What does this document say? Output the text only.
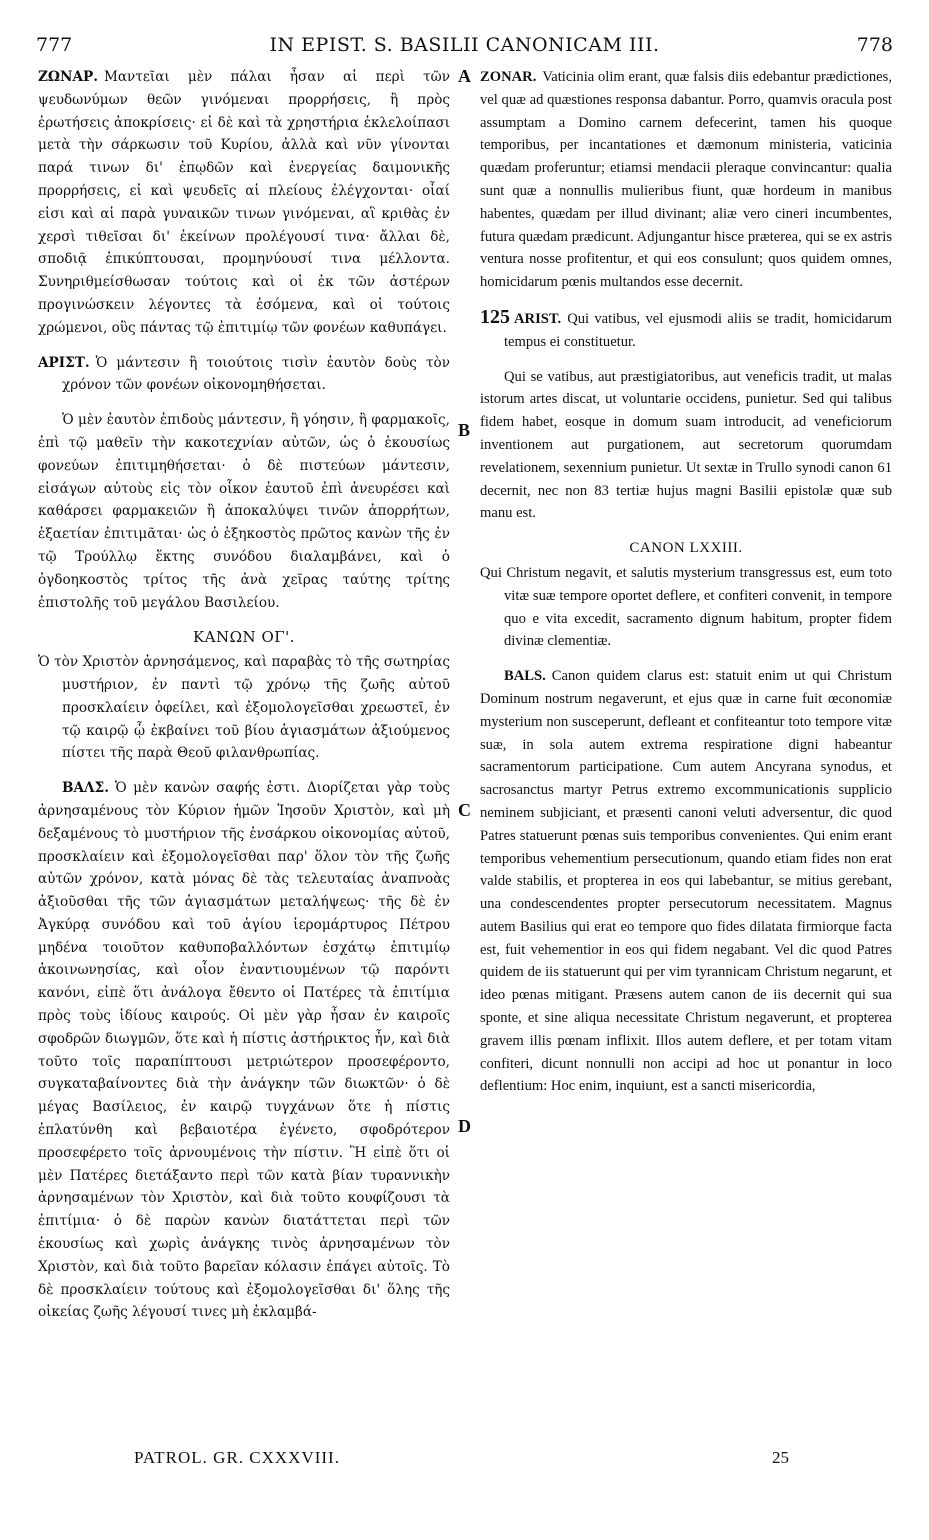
777	IN EPIST. S. BASILII CANONICAM III.	778
A
B
C
D

ΖΩΝΑΡ. Μαντεῖαι μὲν πάλαι ἦσαν αἱ περὶ τῶν ψευδωνύμων θεῶν γινόμεναι προρρήσεις, ἢ πρὸς ἐρωτήσεις ἀποκρίσεις· εἰ δὲ καὶ τὰ χρηστήρια ἐκλελοίπασι μετὰ τὴν σάρκωσιν τοῦ Κυρίου, ἀλλὰ καὶ νῦν γίνονται παρά τινων δι' ἐπῳδῶν καὶ ἐνεργείας δαιμονικῆς προρρήσεις, εἰ καὶ ψευδεῖς αἱ πλείους ἐλέγχονται· οἷαί εἰσι καὶ αἱ παρὰ γυναικῶν τινων γινόμεναι, αἳ κριθὰς ἐν χερσὶ τιθεῖσαι δι' ἐκείνων προλέγουσί τινα· ἄλλαι δὲ, σποδιᾷ ἐπικύπτουσαι, προμηνύουσί τινα μέλλοντα. Συνηριθμείσθωσαν τούτοις καὶ οἱ ἐκ τῶν ἀστέρων προγινώσκειν λέγοντες τὰ ἐσόμενα, καὶ οἱ τούτοις χρώμενοι, οὓς πάντας τῷ ἐπιτιμίῳ τῶν φονέων καθυπάγει.

ΑΡΙΣΤ. Ὁ μάντεσιν ἢ τοιούτοις τισὶν ἑαυτὸν δοὺς τὸν χρόνον τῶν φονέων οἰκονομηθήσεται.

Ὁ μὲν ἑαυτὸν ἐπιδοὺς μάντεσιν, ἢ γόησιν, ἢ φαρμακοῖς, ἐπὶ τῷ μαθεῖν τὴν κακοτεχνίαν αὐτῶν, ὡς ὁ ἑκουσίως φονεύων ἐπιτιμηθήσεται· ὁ δὲ πιστεύων μάντεσιν, εἰσάγων αὐτοὺς εἰς τὸν οἶκον ἑαυτοῦ ἐπὶ ἀνευρέσει καὶ καθάρσει φαρμακειῶν ἢ ἀποκαλύψει τινῶν ἀπορρήτων, ἑξαετίαν ἐπιτιμᾶται· ὡς ὁ ἑξηκοστὸς πρῶτος κανὼν τῆς ἐν τῷ Τρούλλῳ ἕκτης συνόδου διαλαμβάνει, καὶ ὁ ὀγδοηκοστὸς τρίτος τῆς ἀνὰ χεῖρας ταύτης τρίτης ἐπιστολῆς τοῦ μεγάλου Βασιλείου.

ΚΑΝΩΝ ΟΓ'.

Ὁ τὸν Χριστὸν ἀρνησάμενος, καὶ παραβὰς τὸ τῆς σωτηρίας μυστήριον, ἐν παντὶ τῷ χρόνῳ τῆς ζωῆς αὐτοῦ προσκλαίειν ὀφείλει, καὶ ἐξομολογεῖσθαι χρεωστεῖ, ἐν τῷ καιρῷ ᾧ ἐκβαίνει τοῦ βίου ἁγιασμάτων ἀξιούμενος πίστει τῆς παρὰ Θεοῦ φιλανθρωπίας.

ΒΑΛΣ. Ὁ μὲν κανὼν σαφής ἐστι. Διορίζεται γὰρ τοὺς ἀρνησαμένους τὸν Κύριον ἡμῶν Ἰησοῦν Χριστὸν, καὶ μὴ δεξαμένους τὸ μυστήριον τῆς ἐνσάρκου οἰκονομίας αὐτοῦ, προσκλαίειν καὶ ἐξομολογεῖσθαι παρ' ὅλον τὸν τῆς ζωῆς αὐτῶν χρόνον, κατὰ μόνας δὲ τὰς τελευταίας ἀναπνοὰς ἀξιοῦσθαι τῆς τῶν ἁγιασμάτων μεταλήψεως· τῆς δὲ ἐν Ἀγκύρᾳ συνόδου καὶ τοῦ ἁγίου ἱερομάρτυρος Πέτρου μηδένα τοιοῦτον καθυποβαλλόντων ἐσχάτῳ ἐπιτιμίῳ ἀκοινωνησίας, καὶ οἷον ἐναντιουμένων τῷ παρόντι κανόνι, εἰπὲ ὅτι ἀνάλογα ἔθεντο οἱ Πατέρες τὰ ἐπιτίμια πρὸς τοὺς ἰδίους καιρούς. Οἱ μὲν γὰρ ἦσαν ἐν καιροῖς σφοδρῶν διωγμῶν, ὅτε καὶ ἡ πίστις ἀστήρικτος ἦν, καὶ διὰ τοῦτο τοῖς παραπίπτουσι μετριώτερον προσεφέροντο, συγκαταβαίνοντες διὰ τὴν ἀνάγκην τῶν διωκτῶν· ὁ δὲ μέγας Βασίλειος, ἐν καιρῷ τυγχάνων ὅτε ἡ πίστις ἐπλατύνθη καὶ βεβαιοτέρα ἐγένετο, σφοδρότερον προσεφέρετο τοῖς ἀρνουμένοις τὴν πίστιν. Ἢ εἰπὲ ὅτι οἱ μὲν Πατέρες διετάξαντο περὶ τῶν κατὰ βίαν τυραννικὴν ἀρνησαμένων τὸν Χριστὸν, καὶ διὰ τοῦτο κουφίζουσι τὰ ἐπιτίμια· ὁ δὲ παρὼν κανὼν διατάττεται περὶ τῶν ἑκουσίως καὶ χωρὶς ἀνάγκης τινὸς ἀρνησαμένων τὸν Χριστὸν, καὶ διὰ τοῦτο βαρεῖαν κόλασιν ἐπάγει αὐτοῖς. Τὸ δὲ προσκλαίειν τούτους καὶ ἐξομολογεῖσθαι δι' ὅλης τῆς οἰκείας ζωῆς λέγουσί τινες μὴ ἐκλαμβά-

ZONAR. Vaticinia olim erant, quæ falsis diis edebantur prædictiones, vel quæ ad quæstiones responsa dabantur. Porro, quamvis oracula post assumptam a Domino carnem defecerint, tamen his quoque temporibus, per incantationes et dæmonum ministeria, vaticinia quædam proferuntur; etiamsi mendacii pleraque convincantur: qualia sunt quæ a nonnullis mulieribus fiunt, quæ hordeum in manibus habentes, quædam per illud divinant; aliæ vero cineri incumbentes, futura quædam prædicunt. Adjungantur hisce præterea, qui se ex astris ventura nosse profitentur, et qui eos consulunt; quos quidem omnes, homicidarum pœnis multandos esse decernit.

125 ARIST. Qui vatibus, vel ejusmodi aliis se tradit, homicidarum tempus ei constituetur.

Qui se vatibus, aut præstigiatoribus, aut veneficis tradit, ut malas istorum artes discat, ut voluntarie occidens, punietur. Sed qui talibus fidem habet, eosque in domum suam introducit, ad veneficiorum inventionem aut purgationem, aut secretorum quorumdam revelationem, sexennium punietur. Ut sextæ in Trullo synodi canon 61 decernit, nec non 83 tertiæ hujus magni Basilii epistolæ quæ sub manu est.

CANON LXXIII.

Qui Christum negavit, et salutis mysterium transgressus est, eum toto vitæ suæ tempore oportet deflere, et confiteri convenit, in tempore quo e vita excedit, sacramento dignum habitum, propter fidem divinæ clementiæ.

BALS. Canon quidem clarus est: statuit enim ut qui Christum Dominum nostrum negaverunt, et ejus quæ in carne fuit œconomiæ mysterium non susceperunt, defleant et confiteantur toto tempore vitæ suæ, in sola autem extrema respiratione digni habeantur sacramentorum participatione. Cum autem Ancyrana synodus, et sacrosanctus martyr Petrus extremo excommunicationis supplicio neminem subjiciant, et præsenti canoni veluti adversentur, dic quod Patres statuerunt pœnas suis temporibus convenientes. Qui enim erant temporibus vehementium persecutionum, quando etiam fides non erat valde stabilis, et propterea in eos qui labebantur, se mitius gerebant, una condescendentes propter persecutorum necessitatem. Magnus autem Basilius qui erat eo tempore quo fides dilatata firmiorque facta est, fuit vehementior in eos qui fidem negabant. Vel dic quod Patres quidem de iis statuerunt qui per vim tyrannicam Christum negarunt, et ideo pœnas mitigant. Præsens autem canon de iis decernit qui sua sponte, et sine aliqua necessitate Christum negaverunt, et propterea gravem illis pœnam inflixit. Illos autem deflere, et per totam vitam confiteri, dicunt nonnulli non accipi ad hoc ut ponantur in loco deflentium: Hoc enim, inquiunt, est a sancti misericordia,

PATROL. GR. CXXXVIII.	25
